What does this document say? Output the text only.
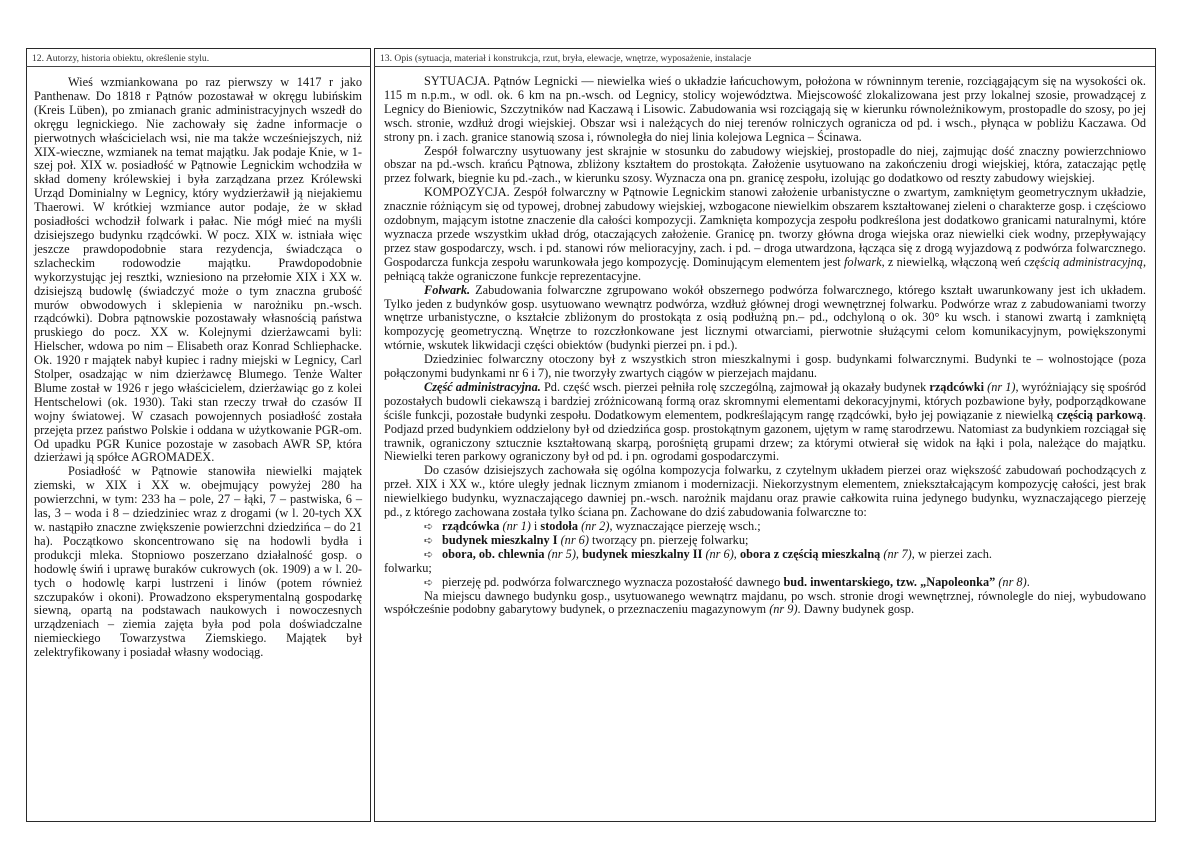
12. Autorzy, historia obiektu, określenie stylu.	13. Opis (sytuacja, materiał i konstrukcja, rzut, bryła, elewacje, wnętrze, wyposażenie, instalacje

Wieś wzmiankowana po raz pierwszy w 1417 r jako Panthenaw. Do 1818 r Pątnów pozostawał w okręgu lubińskim (Kreis Lüben), po zmianach granic administracyjnych wszedł do okręgu legnickiego. Nie zachowały się żadne informacje o pierwotnych właścicielach wsi, nie ma także wcześniejszych, niż XIX-wieczne, wzmianek na temat majątku. Jak podaje Knie, w 1-szej poł. XIX w. posiadłość w Pątnowie Legnickim wchodziła w skład domeny królewskiej i była zarządzana przez Królewski Urząd Dominialny w Legnicy, który wydzierżawił ją niejakiemu Thaerowi. W krótkiej wzmiance autor podaje, że w skład posiadłości wchodził folwark i pałac. Nie mógł mieć na myśli dzisiejszego budynku rządcówki. W pocz. XIX w. istniała więc jeszcze prawdopodobnie stara rezydencja, świadcząca o szlacheckim rodowodzie majątku. Prawdopodobnie wykorzystując jej resztki, wzniesiono na przełomie XIX i XX w. dzisiejszą budowlę (świadczyć może o tym znaczna grubość murów obwodowych i sklepienia w narożniku pn.-wsch. rządcówki). Dobra pątnowskie pozostawały własnością państwa pruskiego do pocz. XX w. Kolejnymi dzierżawcami byli: Hielscher, wdowa po nim – Elisabeth oraz Konrad Schliephacke. Ok. 1920 r majątek nabył kupiec i radny miejski w Legnicy, Carl Stolper, osadzając w nim dzierżawcę Blumego. Tenże Walter Blume został w 1926 r jego właścicielem, dzierżawiąc go z kolei Hentschelowi (ok. 1930). Taki stan rzeczy trwał do czasów II wojny światowej. W czasach powojennych posiadłość została przejęta przez państwo Polskie i oddana w użytkowanie PGR-om. Od upadku PGR Kunice pozostaje w zasobach AWR SP, która dzierżawi ją spółce AGROMADEX.

Posiadłość w Pątnowie stanowiła niewielki majątek ziemski, w XIX i XX w. obejmujący powyżej 280 ha powierzchni, w tym: 233 ha – pole, 27 – łąki, 7 – pastwiska, 6 – las, 3 – woda i 8 – dziedziniec wraz z drogami (w l. 20-tych XX w. nastąpiło znaczne zwiększenie powierzchni dziedzińca – do 21 ha). Początkowo skoncentrowano się na hodowli bydła i produkcji mleka. Stopniowo poszerzano działalność gosp. o hodowlę świń i uprawę buraków cukrowych (ok. 1909) a w l. 20-tych o hodowlę karpi lustrzeni i linów (potem również szczupaków i okoni). Prowadzono eksperymentalną gospodarkę siewną, opartą na podstawach naukowych i nowoczesnych urządzeniach – ziemia zajęta była pod pola doświadczalne niemieckiego Towarzystwa Ziemskiego. Majątek był zelektryfikowany i posiadał własny wodociąg.

SYTUACJA. Pątnów Legnicki — niewielka wieś o układzie łańcuchowym, położona w równinnym terenie, rozciągającym się na wysokości ok. 115 m n.p.m., w odl. ok. 6 km na pn.-wsch. od Legnicy, stolicy województwa. Miejscowość zlokalizowana jest przy lokalnej szosie, prowadzącej z Legnicy do Bieniowic, Szczytników nad Kaczawą i Lisowic. Zabudowania wsi rozciągają się w kierunku równoleżnikowym, prostopadle do szosy, po jej wsch. stronie, wzdłuż drogi wiejskiej. Obszar wsi i należących do niej terenów rolniczych ogranicza od pd. i wsch., płynąca w pobliżu Kaczawa. Od strony pn. i zach. granice stanowią szosa i, równoległa do niej linia kolejowa Legnica – Ścinawa.

Zespół folwarczny usytuowany jest skrajnie w stosunku do zabudowy wiejskiej, prostopadle do niej, zajmując dość znaczny powierzchniowo obszar na pd.-wsch. krańcu Pątnowa, zbliżony kształtem do prostokąta. Założenie usytuowano na zakończeniu drogi wiejskiej, która, zataczając pętlę przez folwark, biegnie ku pd.-zach., w kierunku szosy. Wyznacza ona pn. granicę zespołu, izolując go dodatkowo od reszty zabudowy wiejskiej.

KOMPOZYCJA. Zespół folwarczny w Pątnowie Legnickim stanowi założenie urbanistyczne o zwartym, zamkniętym geometrycznym układzie, znacznie różniącym się od typowej, drobnej zabudowy wiejskiej, wzbogacone niewielkim obszarem kształtowanej zieleni o charakterze gosp. i częściowo ozdobnym, mającym istotne znaczenie dla całości kompozycji. Zamknięta kompozycja zespołu podkreślona jest dodatkowo granicami naturalnymi, które wyznacza przede wszystkim układ dróg, otaczających założenie. Granicę pn. tworzy główna droga wiejska oraz niewielki ciek wodny, przepływający przez staw gospodarczy, wsch. i pd. stanowi rów melioracyjny, zach. i pd. – droga utwardzona, łącząca się z drogą wyjazdową z podwórza folwarcznego. Gospodarcza funkcja zespołu warunkowała jego kompozycję. Dominującym elementem jest folwark, z niewielką, włączoną weń częścią administracyjną, pełniącą także ograniczone funkcje reprezentacyjne.

Folwark. Zabudowania folwarczne zgrupowano wokół obszernego podwórza folwarcznego, którego kształt uwarunkowany jest ich układem. Tylko jeden z budynków gosp. usytuowano wewnątrz podwórza, wzdłuż głównej drogi wewnętrznej folwarku. Podwórze wraz z zabudowaniami tworzy wnętrze urbanistyczne, o kształcie zbliżonym do prostokąta z osią podłużną pn.– pd., odchyloną o ok. 30° ku wsch. i stanowi zwartą i zamkniętą kompozycję geometryczną. Wnętrze to rozczłonkowane jest licznymi otwarciami, pierwotnie służącymi celom komunikacyjnym, powiększonymi wtórnie, wskutek likwidacji części obiektów (budynki pierzei pn. i pd.).

Dziedziniec folwarczny otoczony był z wszystkich stron mieszkalnymi i gosp. budynkami folwarcznymi. Budynki te – wolnostojące (poza połączonymi budynkami nr 6 i 7), nie tworzyły zwartych ciągów w pierzejach majdanu.

Część administracyjna. Pd. część wsch. pierzei pełniła rolę szczególną, zajmował ją okazały budynek rządcówki (nr 1), wyróżniający się spośród pozostałych budowli ciekawszą i bardziej zróżnicowaną formą oraz skromnymi elementami dekoracyjnymi, których pozbawione były, podporządkowane ściśle funkcji, pozostałe budynki zespołu. Dodatkowym elementem, podkreślającym rangę rządcówki, było jej powiązanie z niewielką częścią parkową. Podjazd przed budynkiem oddzielony był od dziedzińca gosp. prostokątnym gazonem, ujętym w ramę starodrzewu. Natomiast za budynkiem rozciągał się trawnik, ograniczony sztucznie kształtowaną skarpą, porośniętą grupami drzew; za którymi otwierał się widok na łąki i pola, należące do majątku. Niewielki teren parkowy ograniczony był od pd. i pn. ogrodami gospodarczymi.

Do czasów dzisiejszych zachowała się ogólna kompozycja folwarku, z czytelnym układem pierzei oraz większość zabudowań pochodzących z przeł. XIX i XX w., które uległy jednak licznym zmianom i modernizacji. Niekorzystnym elementem, zniekształcającym kompozycję całości, jest brak niewielkiego budynku, wyznaczającego dawniej pn.-wsch. narożnik majdanu oraz prawie całkowita ruina jedynego budynku, wyznaczającego pierzeję pd., z którego zachowana została tylko ściana pn. Zachowane do dziś zabudowania folwarczne to:

➪ rządcówka (nr 1) i stodoła (nr 2), wyznaczające pierzeję wsch.;

➪ budynek mieszkalny I (nr 6) tworzący pn. pierzeję folwarku;

➪ obora, ob. chlewnia (nr 5), budynek mieszkalny II (nr 6), obora z częścią mieszkalną (nr 7), w pierzei zach.

folwarku;

➪ pierzeję pd. podwórza folwarcznego wyznacza pozostałość dawnego bud. inwentarskiego, tzw. „Napoleonka” (nr 8).

Na miejscu dawnego budynku gosp., usytuowanego wewnątrz majdanu, po wsch. stronie drogi wewnętrznej, równolegle do niej, wybudowano współcześnie podobny gabarytowy budynek, o przeznaczeniu magazynowym (nr 9). Dawny budynek gosp.
